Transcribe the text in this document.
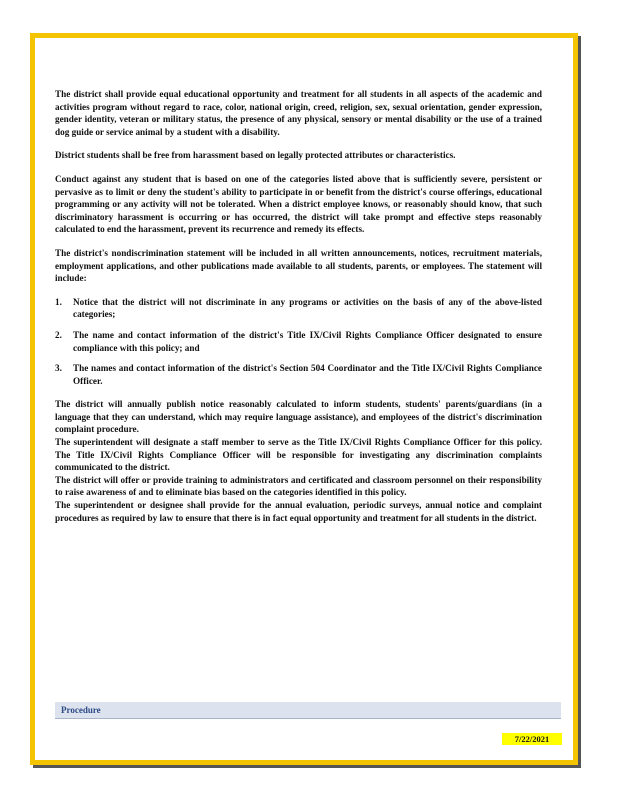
The district shall provide equal educational opportunity and treatment for all students in all aspects of the academic and activities program without regard to race, color, national origin, creed, religion, sex, sexual orientation, gender expression, gender identity, veteran or military status, the presence of any physical, sensory or mental disability or the use of a trained dog guide or service animal by a student with a disability.

District students shall be free from harassment based on legally protected attributes or characteristics.

Conduct against any student that is based on one of the categories listed above that is sufficiently severe, persistent or pervasive as to limit or deny the student's ability to participate in or benefit from the district's course offerings, educational programming or any activity will not be tolerated. When a district employee knows, or reasonably should know, that such discriminatory harassment is occurring or has occurred, the district will take prompt and effective steps reasonably calculated to end the harassment, prevent its recurrence and remedy its effects.

The district's nondiscrimination statement will be included in all written announcements, notices, recruitment materials, employment applications, and other publications made available to all students, parents, or employees. The statement will include:

1.	Notice that the district will not discriminate in any programs or activities on the basis of any of the above-listed categories;
2.	The name and contact information of the district's Title IX/Civil Rights Compliance Officer designated to ensure compliance with this policy; and
3.	The names and contact information of the district's Section 504 Coordinator and the Title IX/Civil Rights Compliance Officer.

The district will annually publish notice reasonably calculated to inform students, students' parents/guardians (in a language that they can understand, which may require language assistance), and employees of the district's discrimination complaint procedure.

The superintendent will designate a staff member to serve as the Title IX/Civil Rights Compliance Officer for this policy. The Title IX/Civil Rights Compliance Officer will be responsible for investigating any discrimination complaints communicated to the district.

The district will offer or provide training to administrators and certificated and classroom personnel on their responsibility to raise awareness of and to eliminate bias based on the categories identified in this policy.

The superintendent or designee shall provide for the annual evaluation, periodic surveys, annual notice and complaint procedures as required by law to ensure that there is in fact equal opportunity and treatment for all students in the district.

Procedure
7/22/2021
